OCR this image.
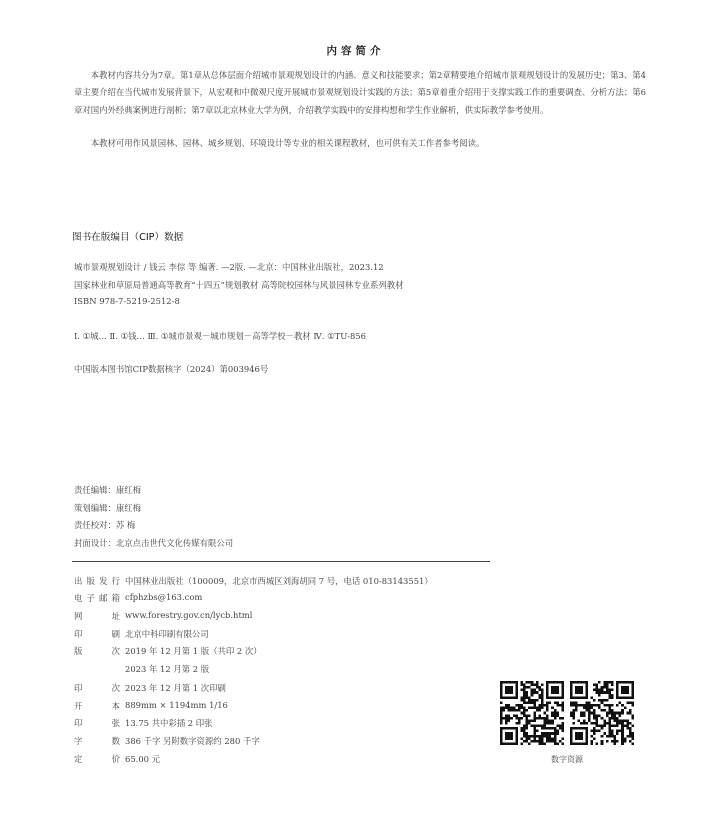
内容简介
本教材内容共分为7章。第1章从总体层面介绍城市景观规划设计的内涵、意义和技能要求；第2章精要地介绍城市景观规划设计的发展历史；第3、第4章主要介绍在当代城市发展背景下，从宏观和中微观尺度开展城市景观规划设计实践的方法；第5章着重介绍用于支撑实践工作的重要调查、分析方法；第6章对国内外经典案例进行剖析；第7章以北京林业大学为例，介绍教学实践中的安排构想和学生作业解析，供实际教学参考使用。
本教材可用作风景园林、园林、城乡规划、环境设计等专业的相关课程教材，也可供有关工作者参考阅读。
图书在版编目（CIP）数据
城市景观规划设计 / 钱云 李倧 等 编著. —2版. —北京：中国林业出版社，2023.12
国家林业和草原局普通高等教育“十四五”规划教材 高等院校园林与风景园林专业系列教材
ISBN 978-7-5219-2512-8
Ⅰ. ①城… Ⅱ. ①钱… Ⅲ. ①城市景观－城市规划－高等学校－教材 Ⅳ. ①TU-856
中国版本图书馆CIP数据核字（2024）第003946号
责任编辑：康红梅
策划编辑：康红梅
责任校对：苏 梅
封面设计：北京点击世代文化传媒有限公司
出版发行 中国林业出版社（100009，北京市西城区刘海胡同 7 号，电话 010-83143551）
电子邮箱 cfphzbs@163.com
网址 www.forestry.gov.cn/lycb.html
印刷 北京中科印刷有限公司
版次 2019 年 12 月第 1 版（共印 2 次）
2023 年 12 月第 2 版
印次 2023 年 12 月第 1 次印刷
开本 889mm × 1194mm 1/16
印张 13.75 共中彩插 2 印张
字数 386 千字 另附数字资源约 280 千字
定价 65.00 元	数字资源
